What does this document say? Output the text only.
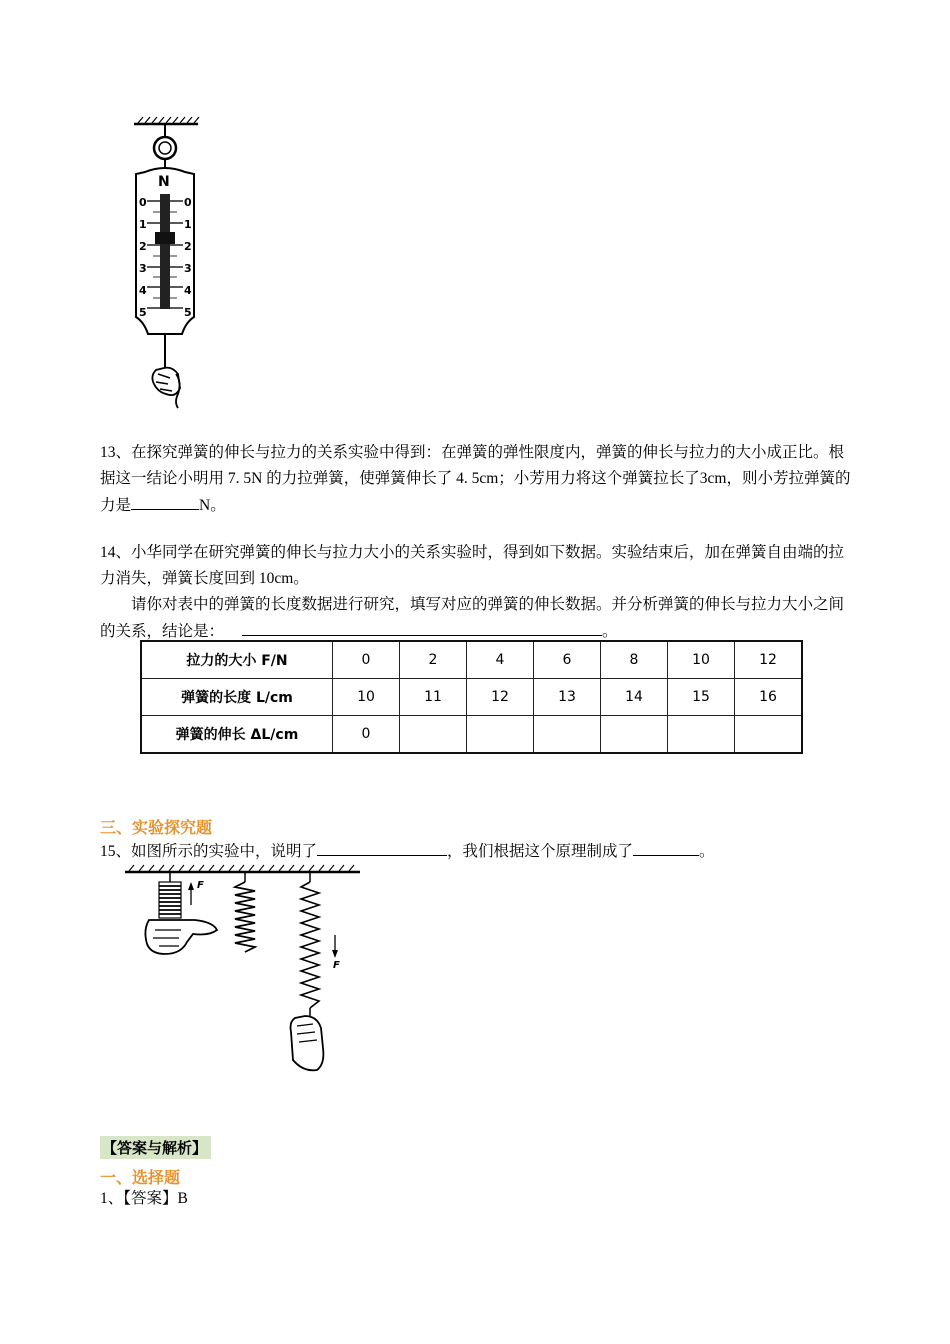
N
0
1
2
3
4
5
0
1
2
3
4
5
13、在探究弹簧的伸长与拉力的关系实验中得到：在弹簧的弹性限度内，弹簧的伸长与拉力的大小成正比。根据这一结论小明用 7. 5N 的力拉弹簧，使弹簧伸长了 4. 5cm；小芳用力将这个弹簧拉长了3cm，则小芳拉弹簧的力是	N。
14、小华同学在研究弹簧的伸长与拉力大小的关系实验时，得到如下数据。实验结束后，加在弹簧自由端的拉力消失，弹簧长度回到 10cm。
请你对表中的弹簧的长度数据进行研究，填写对应的弹簧的伸长数据。并分析弹簧的伸长与拉力大小之间的关系，结论是：	。
拉力的大小 F/N	0	2	4	6	8	10	12
弹簧的长度 L/cm	10	11	12	13	14	15	16
弹簧的伸长 ΔL/cm	0						
三、实验探究题
15、如图所示的实验中，说明了	，我们根据这个原理制成了	。
F
F
【答案与解析】
一、选择题
1、【答案】B
